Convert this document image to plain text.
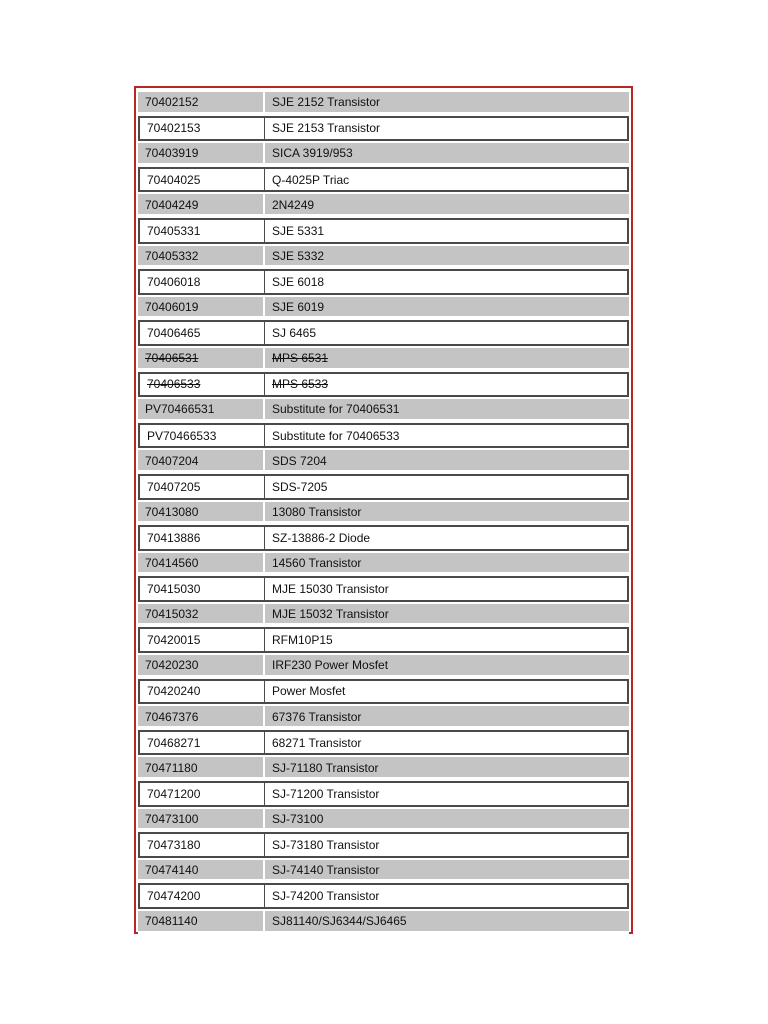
70402152	SJE 2152 Transistor
70402153	SJE 2153 Transistor
70403919	SICA 3919/953
70404025	Q-4025P Triac
70404249	2N4249
70405331	SJE 5331
70405332	SJE 5332
70406018	SJE 6018
70406019	SJE 6019
70406465	SJ 6465
70406531	MPS 6531
70406533	MPS 6533
PV70466531	Substitute for 70406531
PV70466533	Substitute for 70406533
70407204	SDS 7204
70407205	SDS-7205
70413080	13080 Transistor
70413886	SZ-13886-2 Diode
70414560	14560 Transistor
70415030	MJE 15030 Transistor
70415032	MJE 15032 Transistor
70420015	RFM10P15
70420230	IRF230 Power Mosfet
70420240	Power Mosfet
70467376	67376 Transistor
70468271	68271 Transistor
70471180	SJ-71180 Transistor
70471200	SJ-71200 Transistor
70473100	SJ-73100
70473180	SJ-73180 Transistor
70474140	SJ-74140 Transistor
70474200	SJ-74200 Transistor
70481140	SJ81140/SJ6344/SJ6465
